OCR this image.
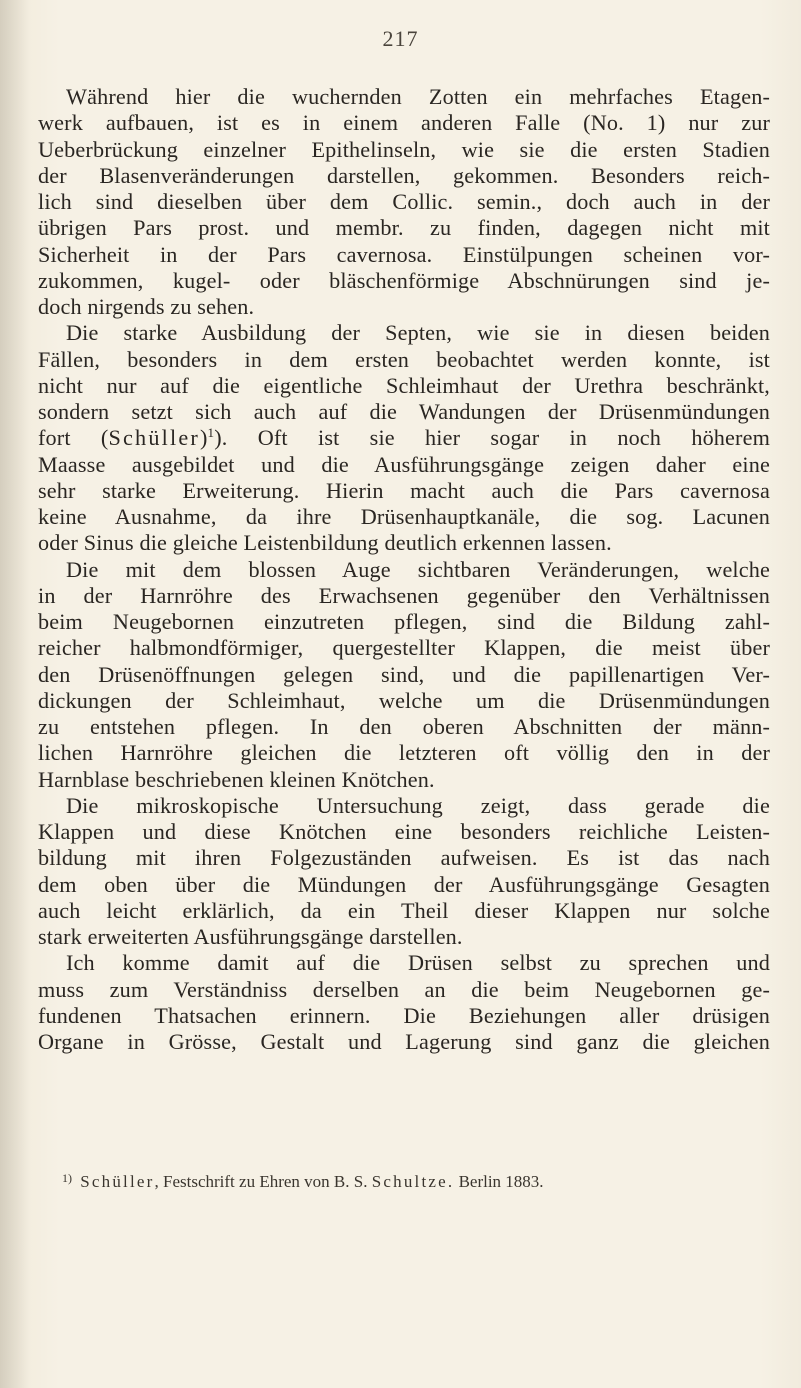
217
Während hier die wuchernden Zotten ein mehrfaches Etagen-
werk aufbauen, ist es in einem anderen Falle (No. 1) nur zur
Ueberbrückung einzelner Epithelinseln, wie sie die ersten Stadien
der Blasenveränderungen darstellen, gekommen. Besonders reich-
lich sind dieselben über dem Collic. semin., doch auch in der
übrigen Pars prost. und membr. zu finden, dagegen nicht mit
Sicherheit in der Pars cavernosa. Einstülpungen scheinen vor-
zukommen, kugel- oder bläschenförmige Abschnürungen sind je-
doch nirgends zu sehen.
Die starke Ausbildung der Septen, wie sie in diesen beiden
Fällen, besonders in dem ersten beobachtet werden konnte, ist
nicht nur auf die eigentliche Schleimhaut der Urethra beschränkt,
sondern setzt sich auch auf die Wandungen der Drüsenmündungen
fort (Schüller)$^1$). Oft ist sie hier sogar in noch höherem
Maasse ausgebildet und die Ausführungsgänge zeigen daher eine
sehr starke Erweiterung. Hierin macht auch die Pars cavernosa
keine Ausnahme, da ihre Drüsenhauptkanäle, die sog. Lacunen
oder Sinus die gleiche Leistenbildung deutlich erkennen lassen.
Die mit dem blossen Auge sichtbaren Veränderungen, welche
in der Harnröhre des Erwachsenen gegenüber den Verhältnissen
beim Neugebornen einzutreten pflegen, sind die Bildung zahl-
reicher halbmondförmiger, quergestellter Klappen, die meist über
den Drüsenöffnungen gelegen sind, und die papillenartigen Ver-
dickungen der Schleimhaut, welche um die Drüsenmündungen
zu entstehen pflegen. In den oberen Abschnitten der männ-
lichen Harnröhre gleichen die letzteren oft völlig den in der
Harnblase beschriebenen kleinen Knötchen.
Die mikroskopische Untersuchung zeigt, dass gerade die
Klappen und diese Knötchen eine besonders reichliche Leisten-
bildung mit ihren Folgezuständen aufweisen. Es ist das nach
dem oben über die Mündungen der Ausführungsgänge Gesagten
auch leicht erklärlich, da ein Theil dieser Klappen nur solche
stark erweiterten Ausführungsgänge darstellen.
Ich komme damit auf die Drüsen selbst zu sprechen und
muss zum Verständniss derselben an die beim Neugebornen ge-
fundenen Thatsachen erinnern. Die Beziehungen aller drüsigen
Organe in Grösse, Gestalt und Lagerung sind ganz die gleichen
$^{1)}$ Schüller, Festschrift zu Ehren von B. S. Schultze. Berlin 1883.
